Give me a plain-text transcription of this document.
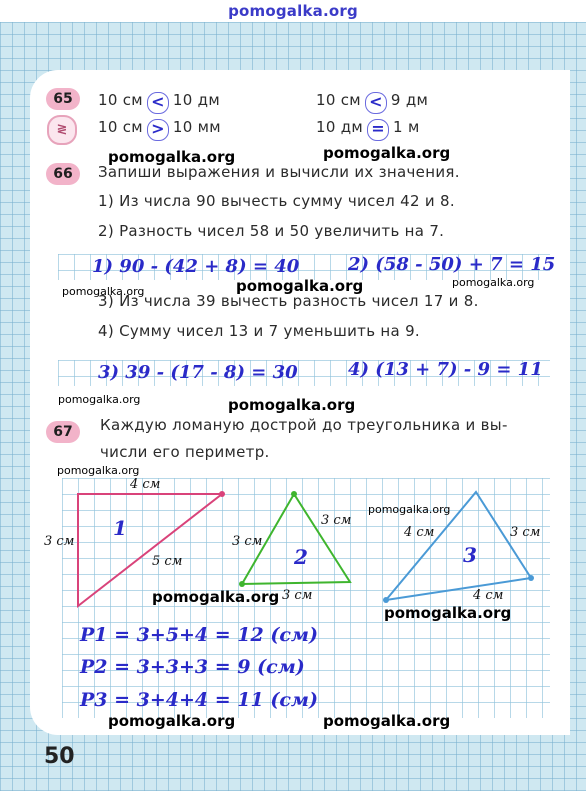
pomogalka.org
65
≷
10 см < 10 дм	10 см < 9 дм
10 см > 10 мм	10 дм = 1 м
pomogalka.org	pomogalka.org
66	Запиши выражения и вычисли их значения.
1) Из числа 90 вычесть сумму чисел 42 и 8.
2) Разность чисел 58 и 50 увеличить на 7.
1) 90 - (42 + 8) = 40	2) (58 - 50) + 7 = 15
pomogalka.org
pomogalka.org
pomogalka.org
3) Из числа 39 вычесть разность чисел 17 и 8.
4) Сумму чисел 13 и 7 уменьшить на 9.
3) 39 - (17 - 8) = 30	4) (13 + 7) - 9 = 11
pomogalka.org	pomogalka.org
67	Каждую ломаную дострой до треугольника и вы-
числи его периметр.
pomogalka.org
4 см
3 см
5 см
1
3 см
3 см
3 см
2
4 см	3 см
4 см
3
pomogalka.org
pomogalka.org
pomogalka.org
P1 = 3+5+4 = 12 (см)
P2 = 3+3+3 = 9 (см)
P3 = 3+4+4 = 11 (см)
pomogalka.org	pomogalka.org
50
